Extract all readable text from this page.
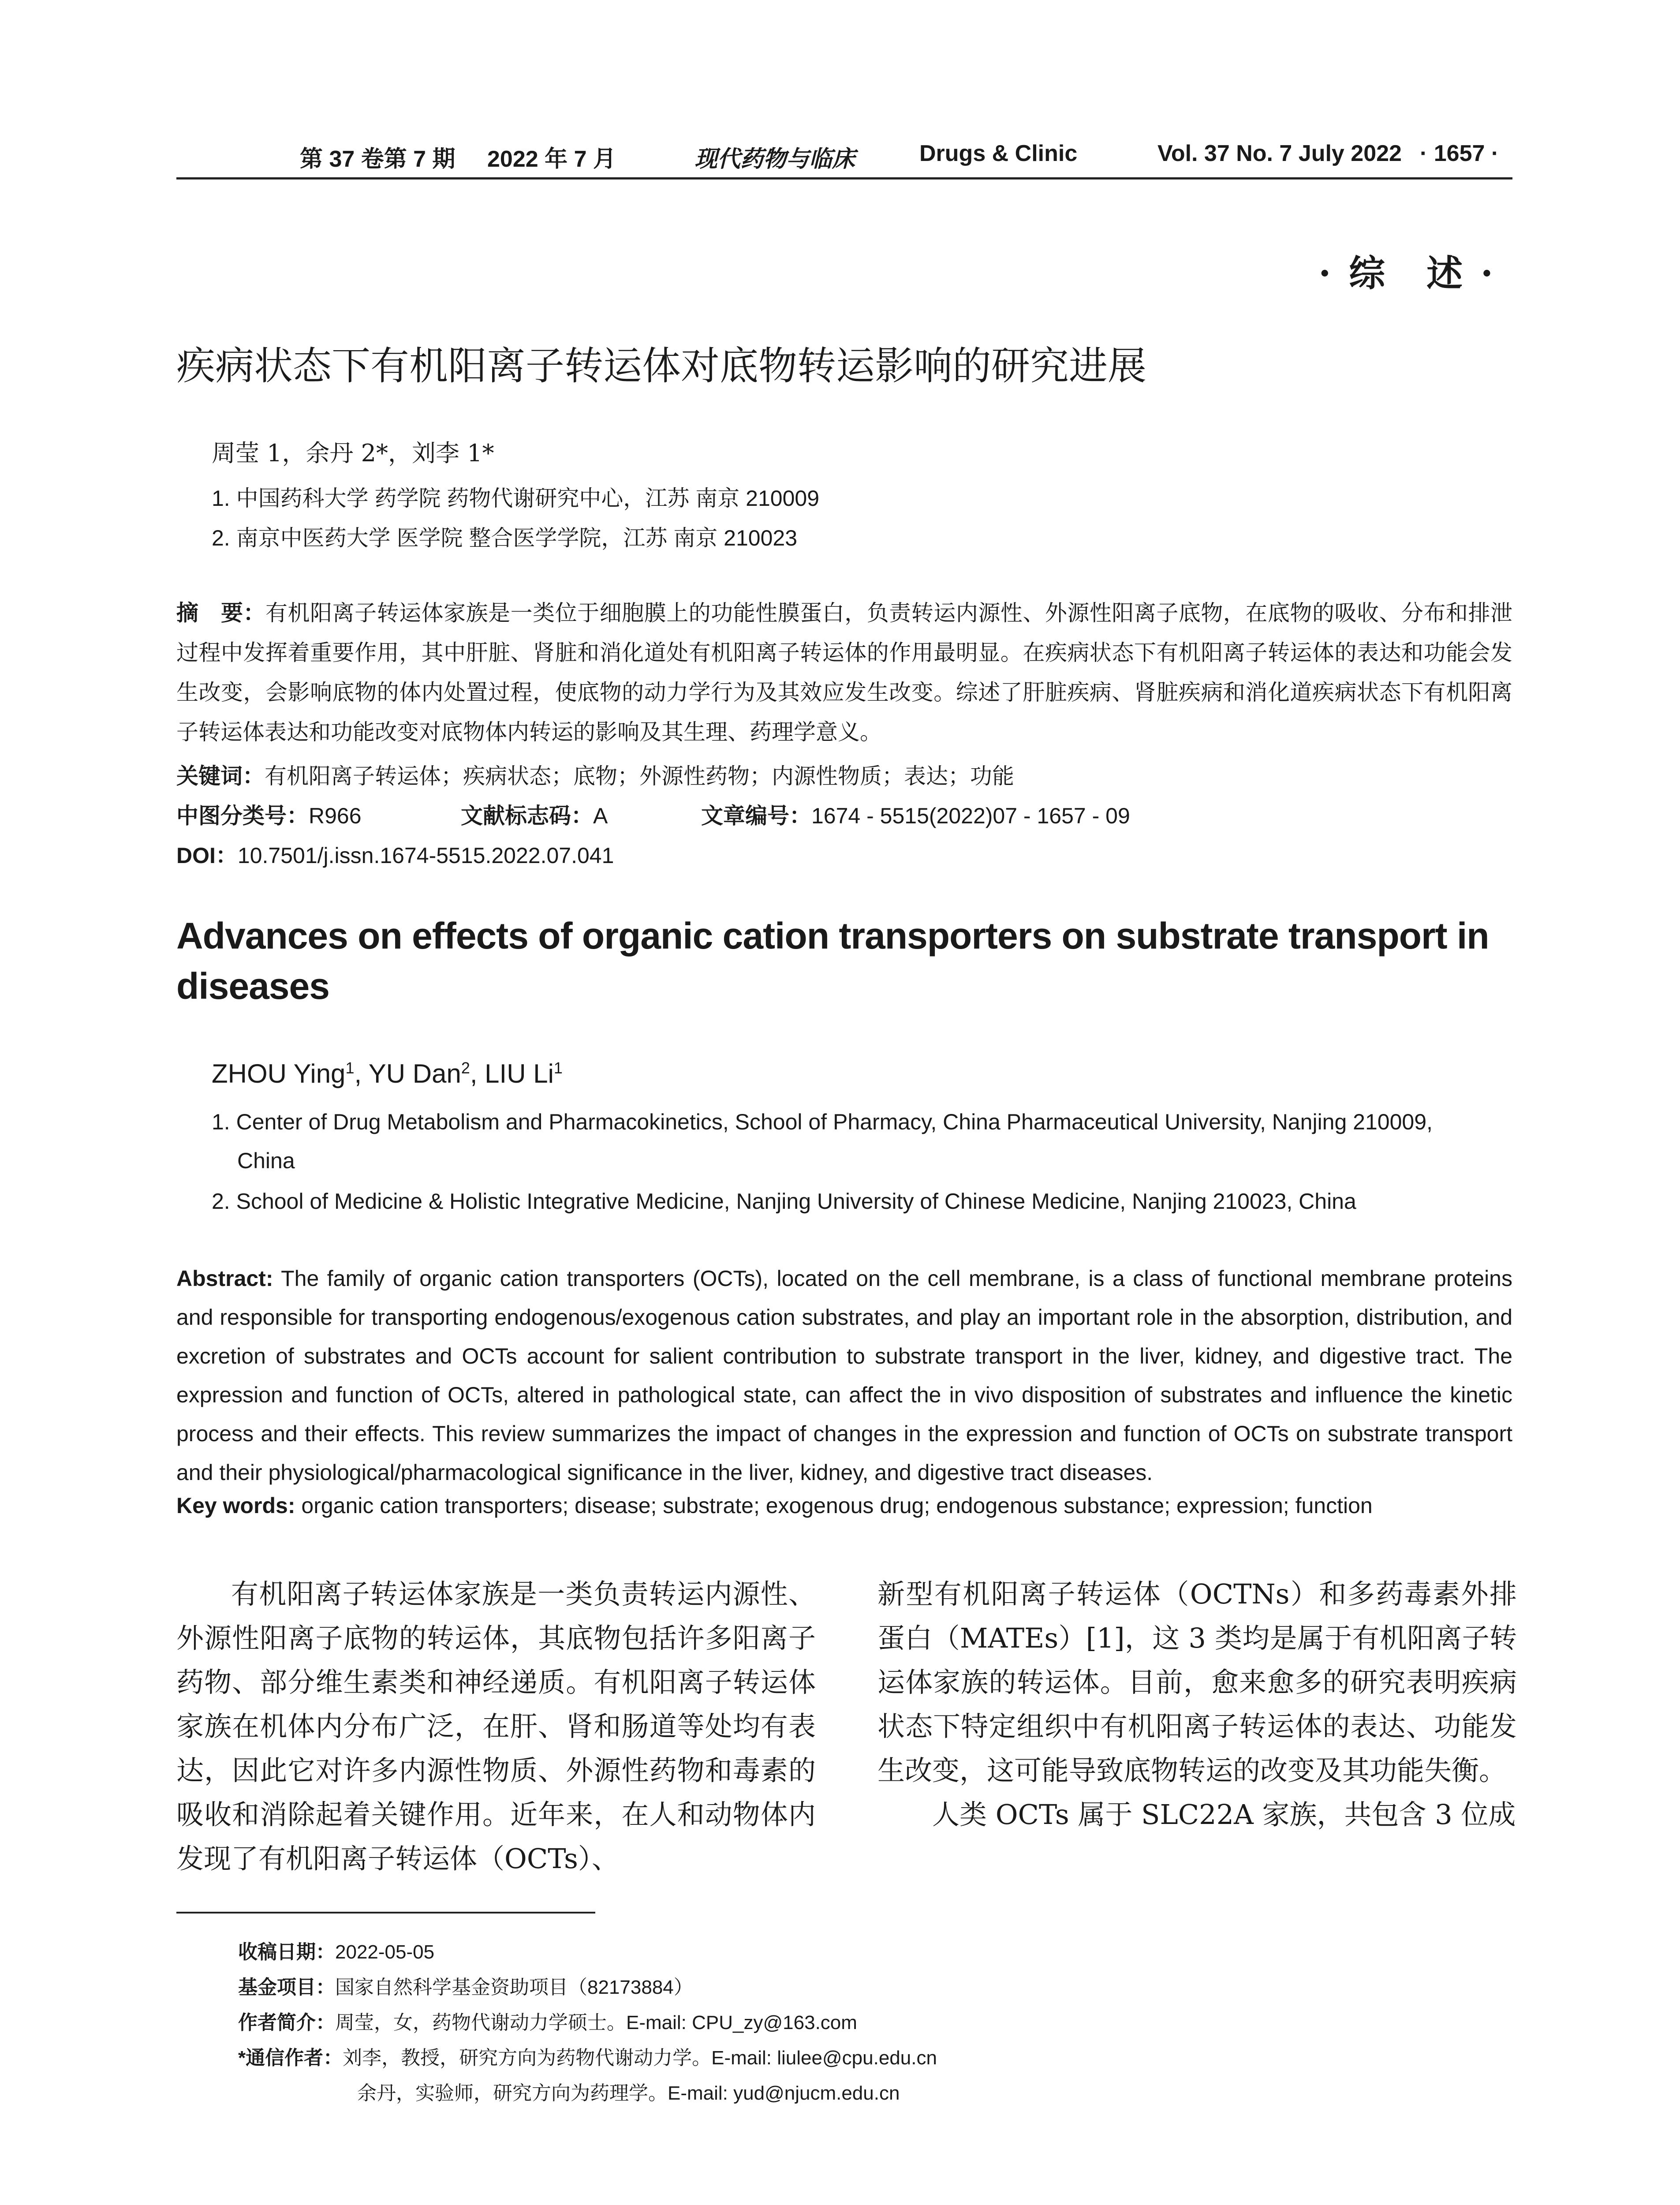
第 37 卷第 7 期 2022 年 7 月	现代药物与临床	Drugs & Clinic	Vol. 37 No. 7 July 2022 · 1657 ·
· 综　述 ·
疾病状态下有机阳离子转运体对底物转运影响的研究进展
周莹 1，余丹 2*，刘李 1*
1. 中国药科大学 药学院 药物代谢研究中心，江苏 南京 210009
2. 南京中医药大学 医学院 整合医学学院，江苏 南京 210023
摘　要：有机阳离子转运体家族是一类位于细胞膜上的功能性膜蛋白，负责转运内源性、外源性阳离子底物，在底物的吸收、分布和排泄过程中发挥着重要作用，其中肝脏、肾脏和消化道处有机阳离子转运体的作用最明显。在疾病状态下有机阳离子转运体的表达和功能会发生改变，会影响底物的体内处置过程，使底物的动力学行为及其效应发生改变。综述了肝脏疾病、肾脏疾病和消化道疾病状态下有机阳离子转运体表达和功能改变对底物体内转运的影响及其生理、药理学意义。
关键词：有机阳离子转运体；疾病状态；底物；外源性药物；内源性物质；表达；功能
中图分类号：R966	文献标志码：A	文章编号：1674 - 5515(2022)07 - 1657 - 09
DOI：10.7501/j.issn.1674-5515.2022.07.041
Advances on effects of organic cation transporters on substrate transport in diseases
ZHOU Ying$^1$, YU Dan$^2$, LIU Li$^1$
1. Center of Drug Metabolism and Pharmacokinetics, School of Pharmacy, China Pharmaceutical University, Nanjing 210009,
China
2. School of Medicine & Holistic Integrative Medicine, Nanjing University of Chinese Medicine, Nanjing 210023, China
Abstract: The family of organic cation transporters (OCTs), located on the cell membrane, is a class of functional membrane proteins and responsible for transporting endogenous/exogenous cation substrates, and play an important role in the absorption, distribution, and excretion of substrates and OCTs account for salient contribution to substrate transport in the liver, kidney, and digestive tract. The expression and function of OCTs, altered in pathological state, can affect the in vivo disposition of substrates and influence the kinetic process and their effects. This review summarizes the impact of changes in the expression and function of OCTs on substrate transport and their physiological/pharmacological significance in the liver, kidney, and digestive tract diseases.
Key words: organic cation transporters; disease; substrate; exogenous drug; endogenous substance; expression; function

有机阳离子转运体家族是一类负责转运内源性、外源性阳离子底物的转运体，其底物包括许多阳离子药物、部分维生素类和神经递质。有机阳离子转运体家族在机体内分布广泛，在肝、肾和肠道等处均有表达，因此它对许多内源性物质、外源性药物和毒素的吸收和消除起着关键作用。近年来，在人和动物体内发现了有机阳离子转运体（OCTs）、

新型有机阳离子转运体（OCTNs）和多药毒素外排蛋白（MATEs）[1]，这 3 类均是属于有机阳离子转运体家族的转运体。目前，愈来愈多的研究表明疾病状态下特定组织中有机阳离子转运体的表达、功能发生改变，这可能导致底物转运的改变及其功能失衡。

人类 OCTs 属于 SLC22A 家族，共包含 3 位成

收稿日期：2022-05-05
基金项目：国家自然科学基金资助项目（82173884）
作者简介：周莹，女，药物代谢动力学硕士。E-mail: CPU_zy@163.com
*通信作者：刘李，教授，研究方向为药物代谢动力学。E-mail: liulee@cpu.edu.cn
余丹，实验师，研究方向为药理学。E-mail: yud@njucm.edu.cn
